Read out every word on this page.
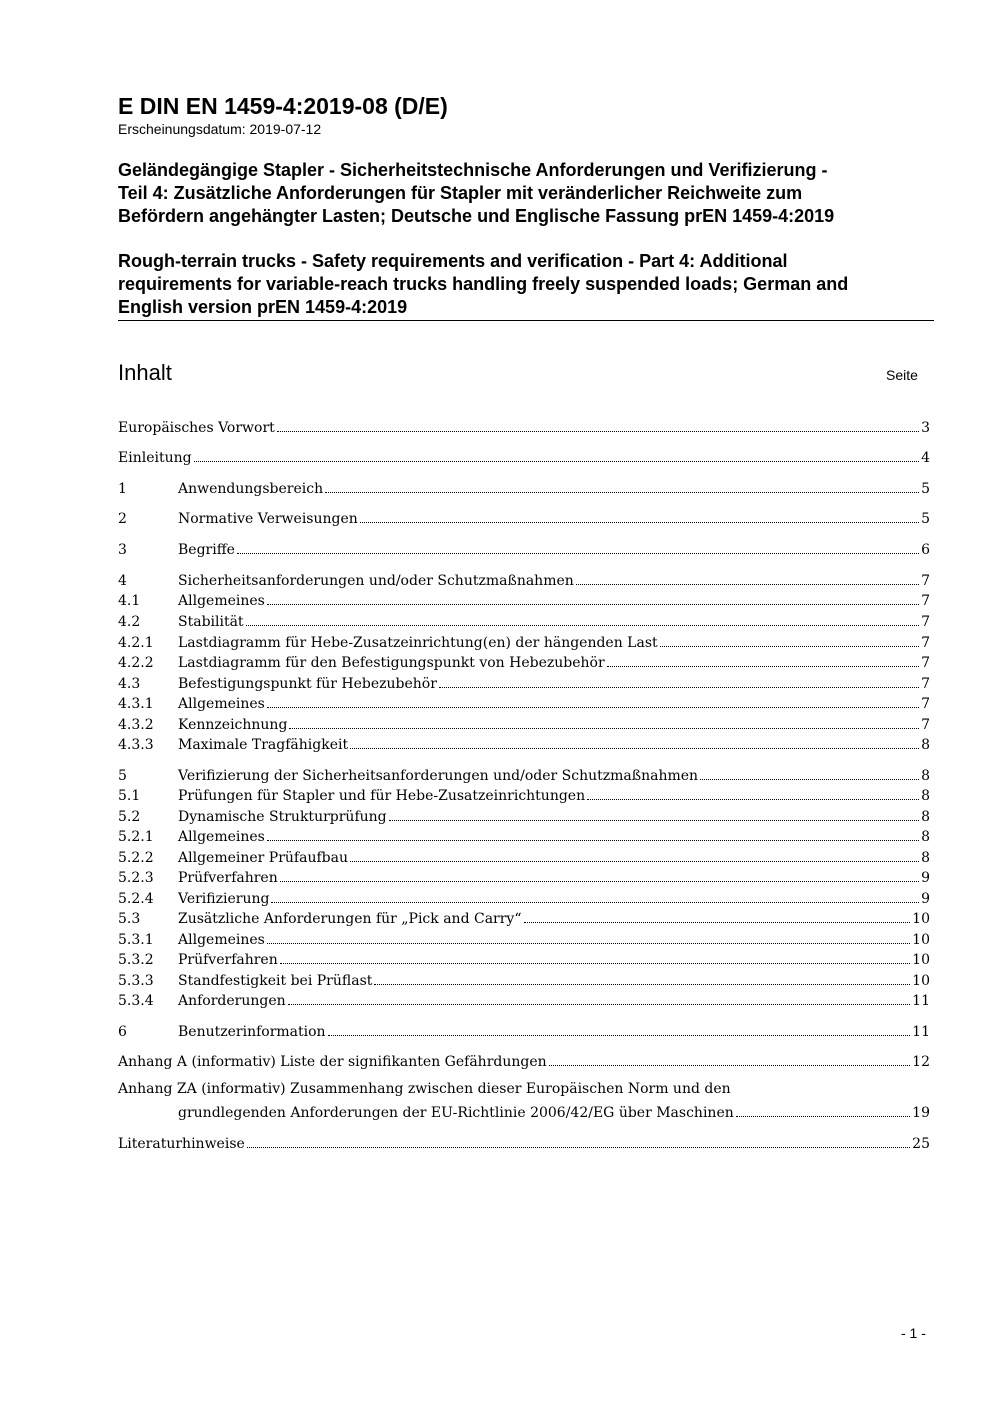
E DIN EN 1459-4:2019-08 (D/E)
Erscheinungsdatum: 2019-07-12
Geländegängige Stapler - Sicherheitstechnische Anforderungen und Verifizierung -
Teil 4: Zusätzliche Anforderungen für Stapler mit veränderlicher Reichweite zum
Befördern angehängter Lasten; Deutsche und Englische Fassung prEN 1459-4:2019
Rough-terrain trucks - Safety requirements and verification - Part 4: Additional
requirements for variable-reach trucks handling freely suspended loads; German and
English version prEN 1459-4:2019
Inhalt	Seite
Europäisches Vorwort	3
Einleitung	4
1	Anwendungsbereich	5
2	Normative Verweisungen	5
3	Begriffe	6
4	Sicherheitsanforderungen und/oder Schutzmaßnahmen	7
4.1	Allgemeines	7
4.2	Stabilität	7
4.2.1	Lastdiagramm für Hebe-Zusatzeinrichtung(en) der hängenden Last	7
4.2.2	Lastdiagramm für den Befestigungspunkt von Hebezubehör	7
4.3	Befestigungspunkt für Hebezubehör	7
4.3.1	Allgemeines	7
4.3.2	Kennzeichnung	7
4.3.3	Maximale Tragfähigkeit	8
5	Verifizierung der Sicherheitsanforderungen und/oder Schutzmaßnahmen	8
5.1	Prüfungen für Stapler und für Hebe-Zusatzeinrichtungen	8
5.2	Dynamische Strukturprüfung	8
5.2.1	Allgemeines	8
5.2.2	Allgemeiner Prüfaufbau	8
5.2.3	Prüfverfahren	9
5.2.4	Verifizierung	9
5.3	Zusätzliche Anforderungen für „Pick and Carry“	10
5.3.1	Allgemeines	10
5.3.2	Prüfverfahren	10
5.3.3	Standfestigkeit bei Prüflast	10
5.3.4	Anforderungen	11
6	Benutzerinformation	11
Anhang A (informativ) Liste der signifikanten Gefährdungen	12
Anhang ZA (informativ) Zusammenhang zwischen dieser Europäischen Norm und den
grundlegenden Anforderungen der EU-Richtlinie 2006/42/EG über Maschinen	19
Literaturhinweise	25
- 1 -
